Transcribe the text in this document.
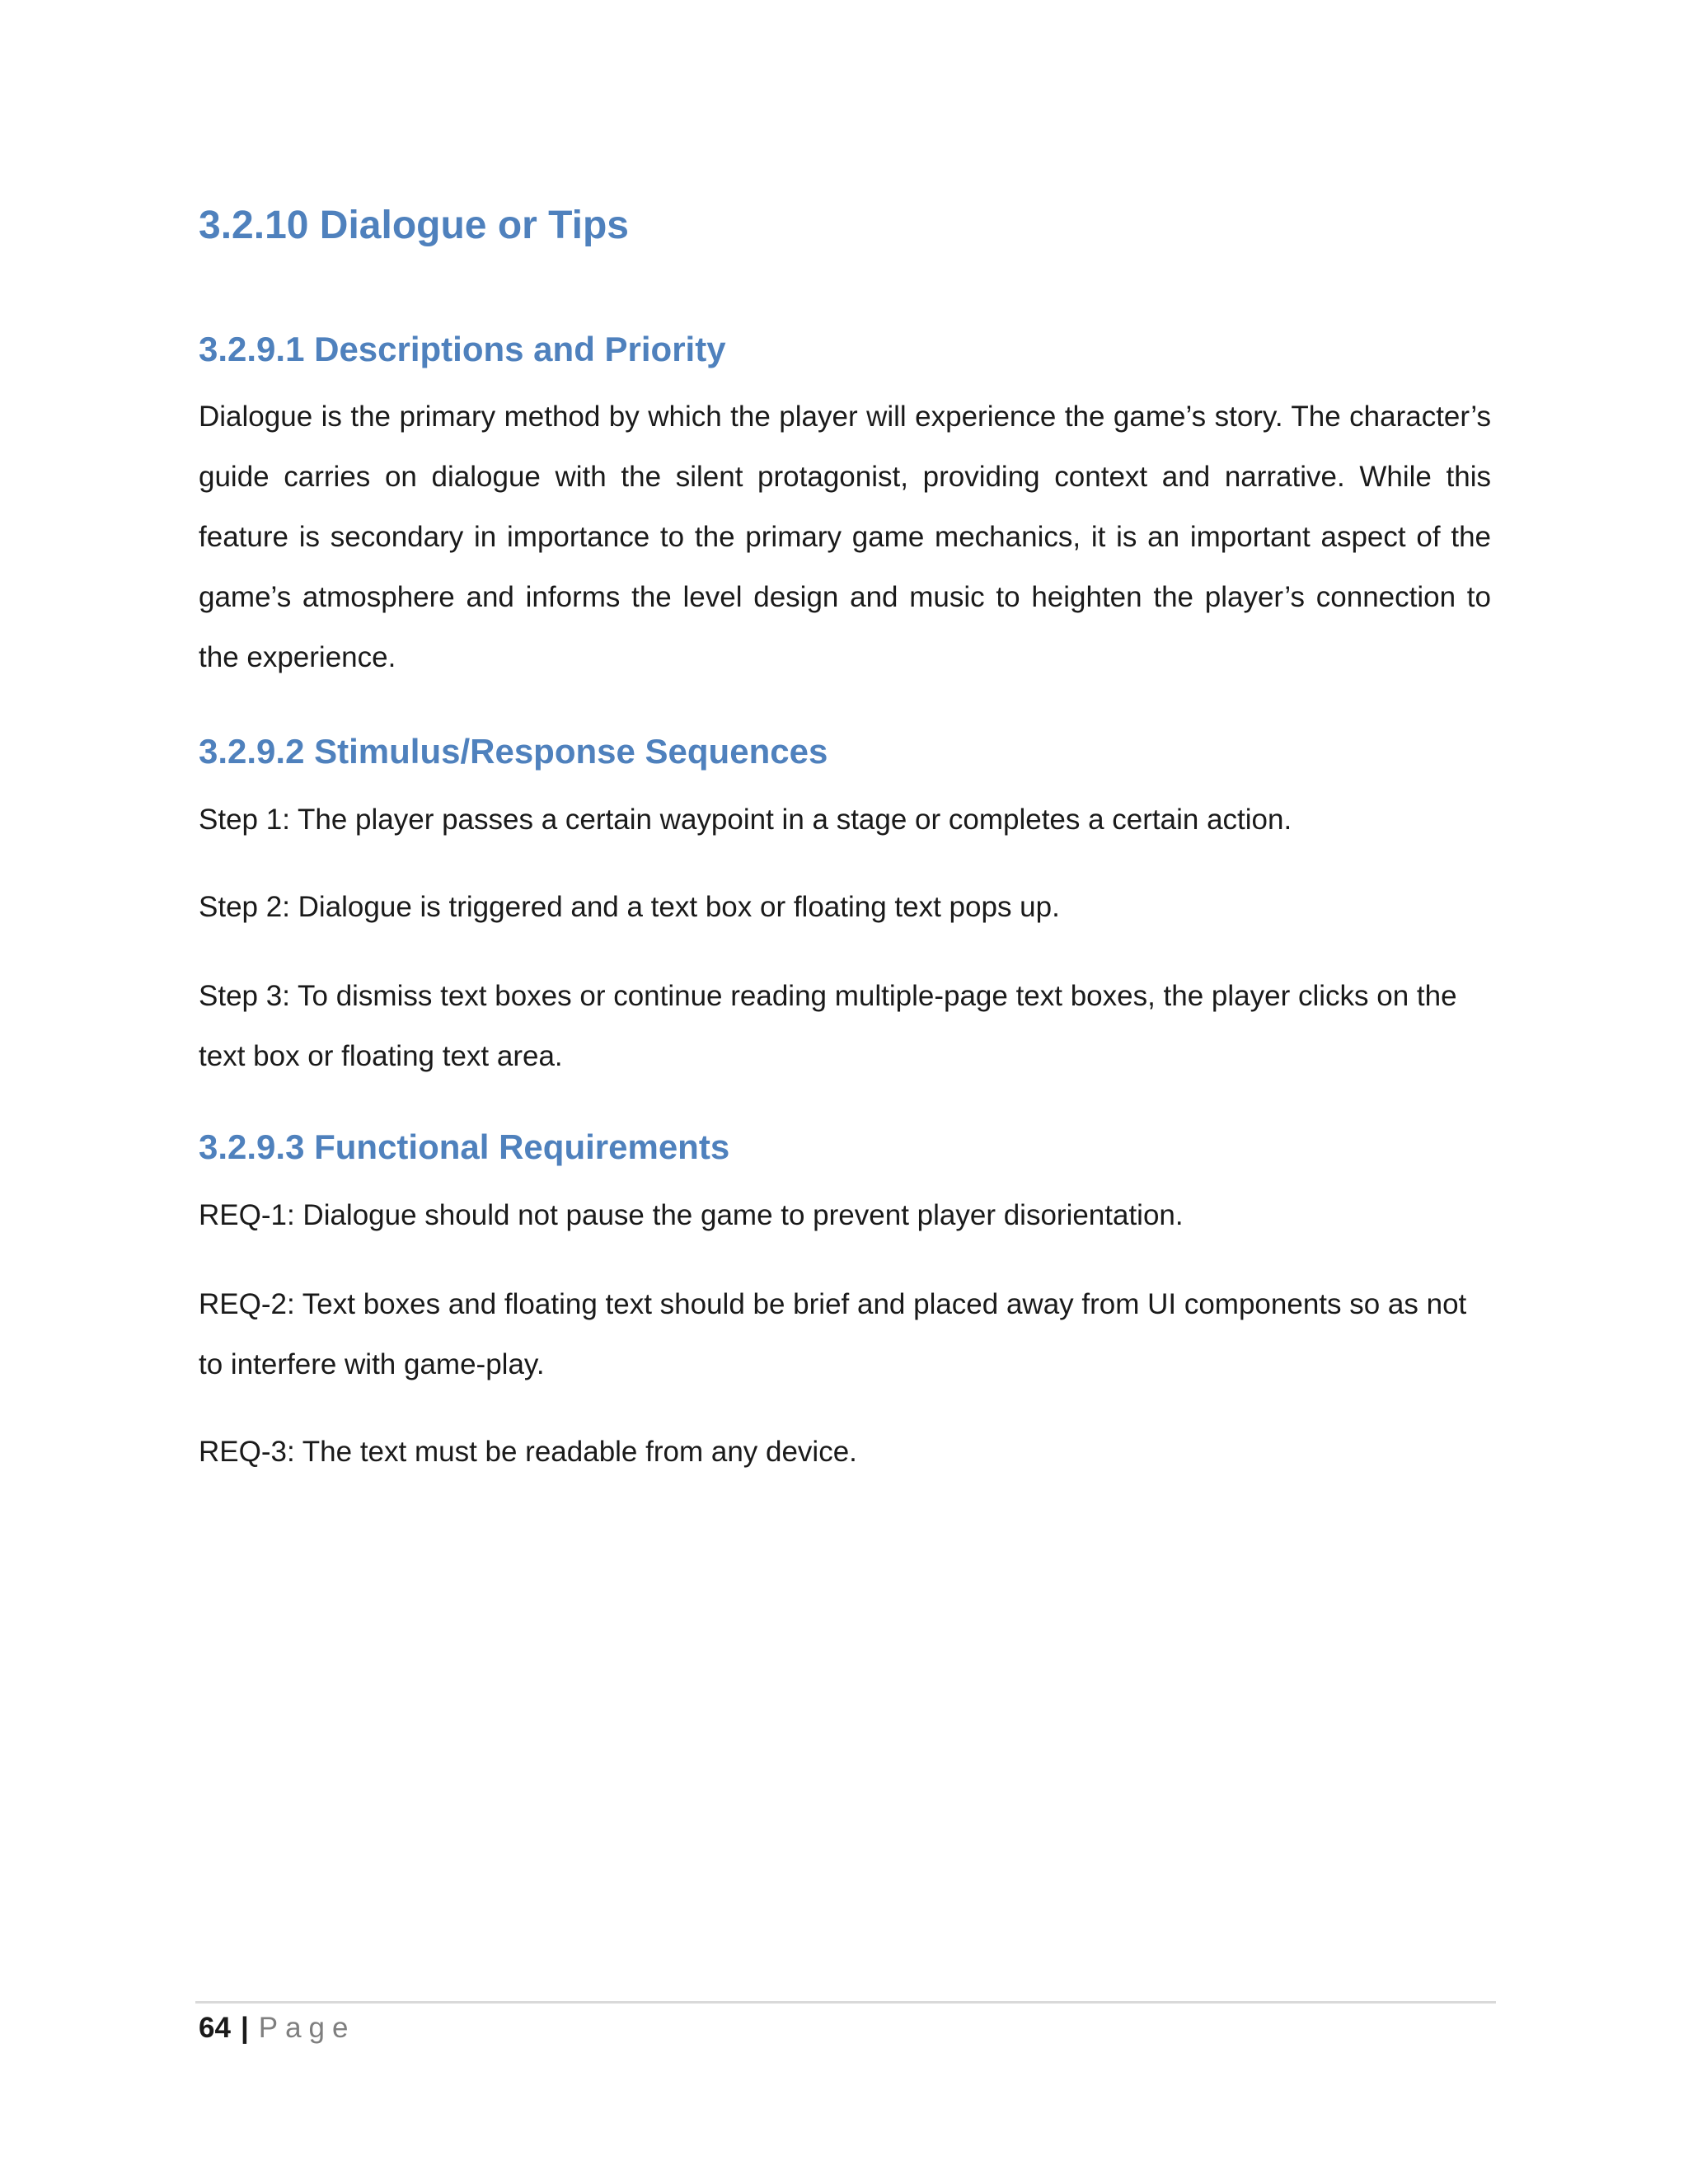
3.2.10 Dialogue or Tips
3.2.9.1 Descriptions and Priority

Dialogue is the primary method by which the player will experience the game’s story. The character’s guide carries on dialogue with the silent protagonist, providing context and narrative. While this feature is secondary in importance to the primary game mechanics, it is an important aspect of the game’s atmosphere and informs the level design and music to heighten the player’s connection to the experience.

3.2.9.2 Stimulus/Response Sequences

Step 1: The player passes a certain waypoint in a stage or completes a certain action.

Step 2: Dialogue is triggered and a text box or floating text pops up.

Step 3: To dismiss text boxes or continue reading multiple-page text boxes, the player clicks on the text box or floating text area.

3.2.9.3 Functional Requirements

REQ-1: Dialogue should not pause the game to prevent player disorientation.

REQ-2: Text boxes and floating text should be brief and placed away from UI components so as not to interfere with game-play.

REQ-3: The text must be readable from any device.

64 | Page
